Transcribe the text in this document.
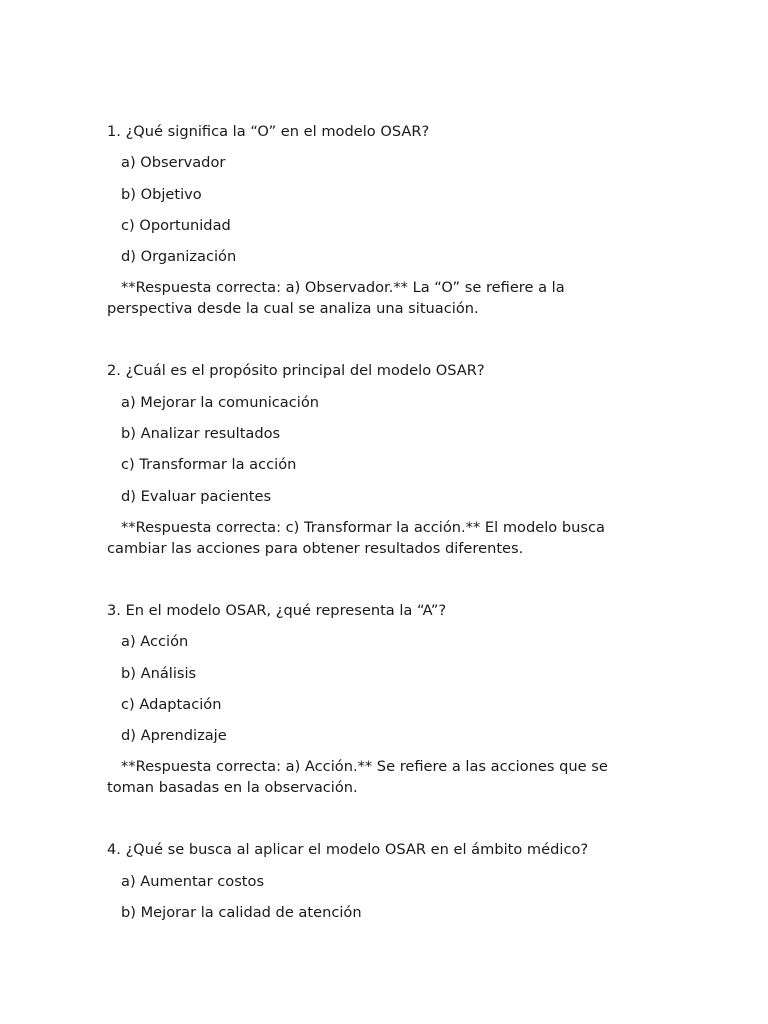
1. ¿Qué significa la “O” en el modelo OSAR?

a) Observador

b) Objetivo

c) Oportunidad

d) Organización

**Respuesta correcta: a) Observador.** La “O” se refiere a la perspectiva desde la cual se analiza una situación.

2. ¿Cuál es el propósito principal del modelo OSAR?

a) Mejorar la comunicación

b) Analizar resultados

c) Transformar la acción

d) Evaluar pacientes

**Respuesta correcta: c) Transformar la acción.** El modelo busca cambiar las acciones para obtener resultados diferentes.

3. En el modelo OSAR, ¿qué representa la “A”?

a) Acción

b) Análisis

c) Adaptación

d) Aprendizaje

**Respuesta correcta: a) Acción.** Se refiere a las acciones que se toman basadas en la observación.

4. ¿Qué se busca al aplicar el modelo OSAR en el ámbito médico?

a) Aumentar costos

b) Mejorar la calidad de atención
